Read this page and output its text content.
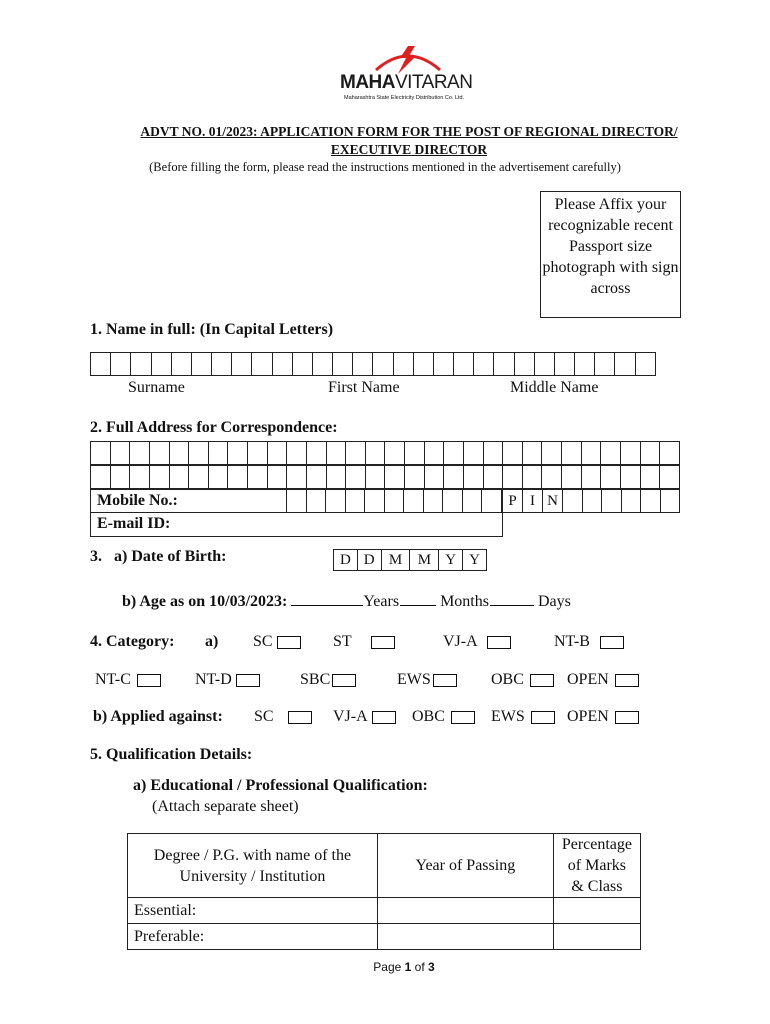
MAHAVITARAN
Maharashtra State Electricity Distribution Co. Ltd.
ADVT NO. 01/2023: APPLICATION FORM FOR THE POST OF REGIONAL DIRECTOR/
EXECUTIVE DIRECTOR
(Before filling the form, please read the instructions mentioned in the advertisement carefully)
Please Affix your recognizable recent Passport size photograph with sign across
1. Name in full: (In Capital Letters)

Surname	First Name	Middle Name
2. Full Address for Correspondence:

Mobile No.:
											P	I	N						
E-mail ID:
3.   a) Date of Birth:	D	D	M	M	Y	Y
b) Age as on 10/03/2023:	Years	Months	Days
4. Category: a) SC	ST	VJ-A	NT-B
NT-C	NT-D	SBC	EWS	OBC	OPEN
b) Applied against: SC	VJ-A	OBC	EWS	OPEN
5. Qualification Details:
a) Educational / Professional Qualification:
(Attach separate sheet)
Degree / P.G. with name of the University / Institution	Year of Passing	Percentage of Marks & Class
Essential:		
Preferable:		
Page 1 of 3
